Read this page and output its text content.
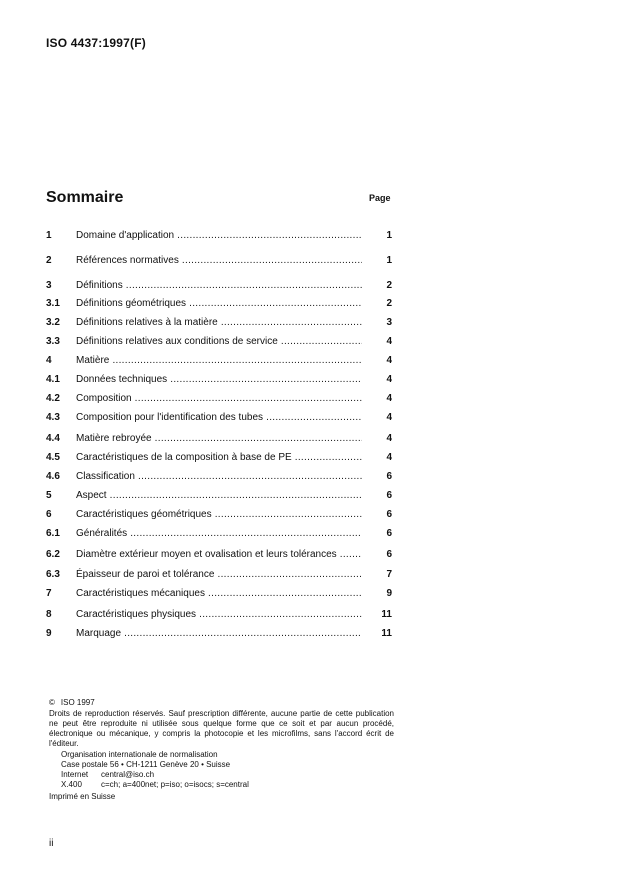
ISO 4437:1997(F)
Sommaire	Page
1 Domaine d'application .....	1
2 Références normatives .....	1
3 Définitions .....	2
3.1 Définitions géométriques .....	2
3.2 Définitions relatives à la matière .....	3
3.3 Définitions relatives aux conditions de service .....	4
4 Matière .....	4
4.1 Données techniques .....	4
4.2 Composition .....	4
4.3 Composition pour l'identification des tubes .....	4
4.4 Matière rebroyée .....	4
4.5 Caractéristiques de la composition à base de PE .....	4
4.6 Classification .....	6
5 Aspect .....	6
6 Caractéristiques géométriques .....	6
6.1 Généralités .....	6
6.2 Diamètre extérieur moyen et ovalisation et leurs tolérances .....	6
6.3 Épaisseur de paroi et tolérance .....	7
7 Caractéristiques mécaniques .....	9
8 Caractéristiques physiques .....	11
9 Marquage .....	11
© ISO 1997
Droits de reproduction réservés. Sauf prescription différente, aucune partie de cette publication ne peut être reproduite ni utilisée sous quelque forme que ce soit et par aucun procédé, électronique ou mécanique, y compris la photocopie et les microfilms, sans l'accord écrit de l'éditeur.
Organisation internationale de normalisation
Case postale 56 • CH-1211 Genève 20 • Suisse
Internet central@iso.ch
X.400 c=ch; a=400net; p=iso; o=isocs; s=central
Imprimé en Suisse
ii
